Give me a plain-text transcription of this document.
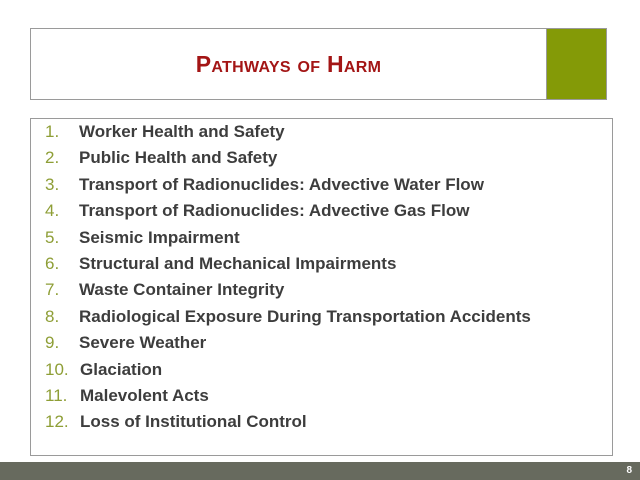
Pathways of Harm
1.	Worker Health and Safety
2.	Public Health and Safety
3.	Transport of Radionuclides: Advective Water Flow
4.	Transport of Radionuclides: Advective Gas Flow
5.	Seismic Impairment
6.	Structural and Mechanical Impairments
7.	Waste Container Integrity
8.	Radiological Exposure During Transportation Accidents
9.	Severe Weather
10. Glaciation
11. Malevolent Acts
12. Loss of Institutional Control
8
